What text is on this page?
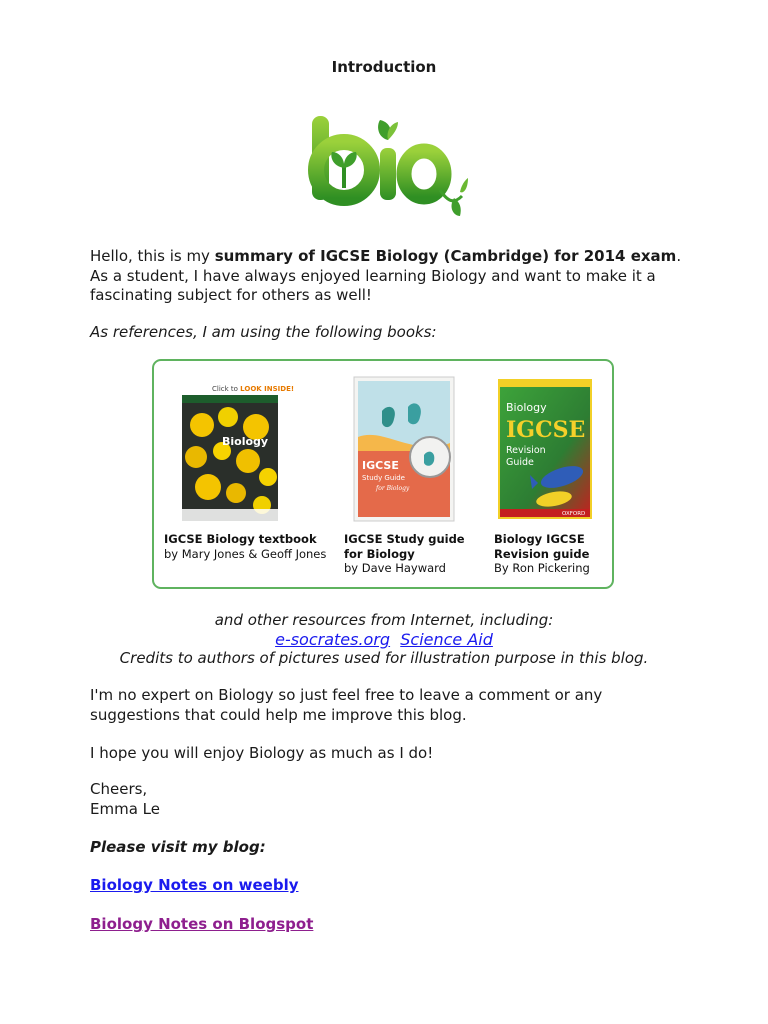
Introduction
Hello, this is my summary of IGCSE Biology (Cambridge) for 2014 exam. As a student, I have always enjoyed learning Biology and want to make it a fascinating subject for others as well!
As references, I am using the following books:
Click to LOOK INSIDE!
Biology
IGCSE Biology textbook
by Mary Jones & Geoff Jones
IGCSE
Study Guide
for Biology
IGCSE Study guide
for Biology
by Dave Hayward
Biology
IGCSE
Revision
Guide
OXFORD
Biology IGCSE
Revision guide
By Ron Pickering
and other resources from Internet, including:
e-socrates.org Science Aid
Credits to authors of pictures used for illustration purpose in this blog.
I'm no expert on Biology so just feel free to leave a comment or any suggestions that could help me improve this blog.
I hope you will enjoy Biology as much as I do!
Cheers,
Emma Le
Please visit my blog:
Biology Notes on weebly
Biology Notes on Blogspot
